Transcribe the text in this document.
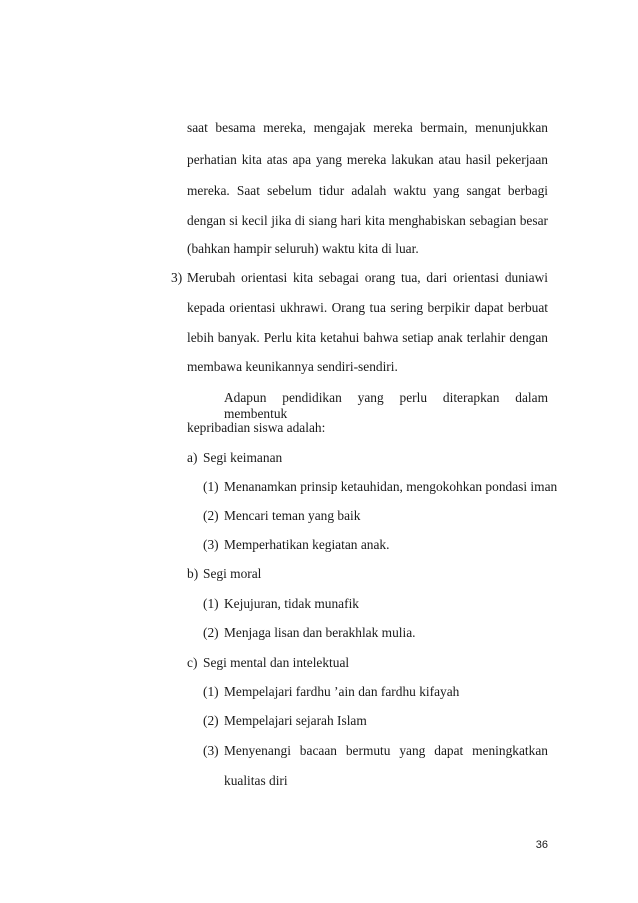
saat besama mereka, mengajak mereka bermain, menunjukkan
perhatian kita atas apa yang mereka lakukan atau hasil pekerjaan
mereka. Saat sebelum tidur adalah waktu yang sangat berbagi
dengan si kecil jika di siang hari kita menghabiskan sebagian besar
(bahkan hampir seluruh) waktu kita di luar.
3) Merubah orientasi kita sebagai orang tua, dari orientasi duniawi
kepada orientasi ukhrawi. Orang tua sering berpikir dapat berbuat
lebih banyak. Perlu kita ketahui bahwa setiap anak terlahir dengan
membawa keunikannya sendiri-sendiri.
Adapun pendidikan yang perlu diterapkan dalam membentuk
kepribadian siswa adalah:
a) Segi keimanan
(1) Menanamkan prinsip ketauhidan, mengokohkan pondasi iman
(2) Mencari teman yang baik
(3) Memperhatikan kegiatan anak.
b) Segi moral
(1) Kejujuran, tidak munafik
(2) Menjaga lisan dan berakhlak mulia.
c) Segi mental dan intelektual
(1) Mempelajari fardhu ’ain dan fardhu kifayah
(2) Mempelajari sejarah Islam
(3) Menyenangi bacaan bermutu yang dapat meningkatkan
kualitas diri
36
